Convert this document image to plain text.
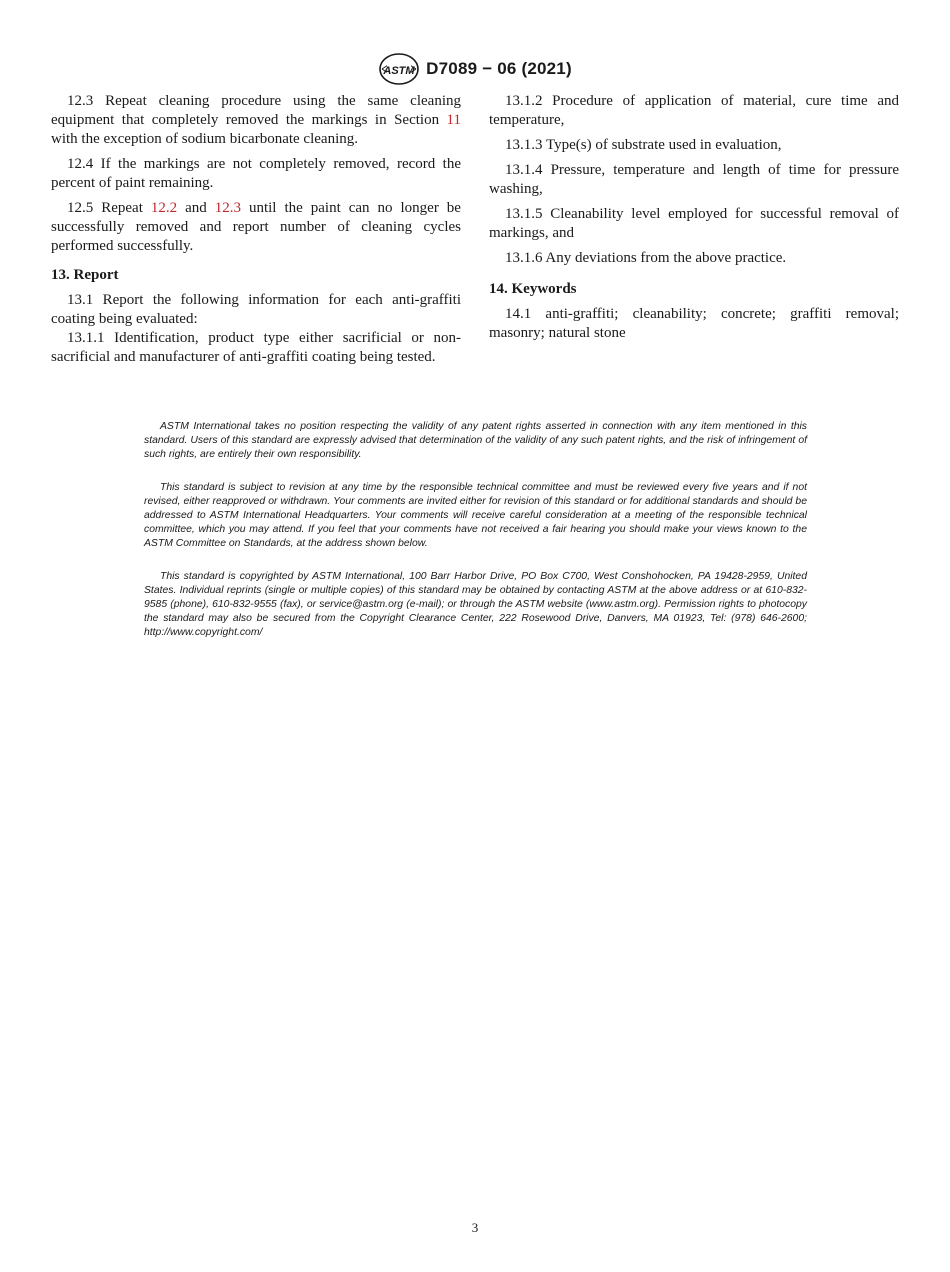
ASTM D7089 − 06 (2021)

12.3 Repeat cleaning procedure using the same cleaning equipment that completely removed the markings in Section 11 with the exception of sodium bicarbonate cleaning.

12.4 If the markings are not completely removed, record the percent of paint remaining.

12.5 Repeat 12.2 and 12.3 until the paint can no longer be successfully removed and report number of cleaning cycles performed successfully.

13. Report

13.1 Report the following information for each anti-graffiti coating being evaluated:

13.1.1 Identification, product type either sacrificial or non-sacrificial and manufacturer of anti-graffiti coating being tested.

13.1.2 Procedure of application of material, cure time and temperature,

13.1.3 Type(s) of substrate used in evaluation,

13.1.4 Pressure, temperature and length of time for pressure washing,

13.1.5 Cleanability level employed for successful removal of markings, and

13.1.6 Any deviations from the above practice.

14. Keywords

14.1 anti-graffiti; cleanability; concrete; graffiti removal; masonry; natural stone

ASTM International takes no position respecting the validity of any patent rights asserted in connection with any item mentioned in this standard. Users of this standard are expressly advised that determination of the validity of any such patent rights, and the risk of infringement of such rights, are entirely their own responsibility.

This standard is subject to revision at any time by the responsible technical committee and must be reviewed every five years and if not revised, either reapproved or withdrawn. Your comments are invited either for revision of this standard or for additional standards and should be addressed to ASTM International Headquarters. Your comments will receive careful consideration at a meeting of the responsible technical committee, which you may attend. If you feel that your comments have not received a fair hearing you should make your views known to the ASTM Committee on Standards, at the address shown below.

This standard is copyrighted by ASTM International, 100 Barr Harbor Drive, PO Box C700, West Conshohocken, PA 19428-2959, United States. Individual reprints (single or multiple copies) of this standard may be obtained by contacting ASTM at the above address or at 610-832-9585 (phone), 610-832-9555 (fax), or service@astm.org (e-mail); or through the ASTM website (www.astm.org). Permission rights to photocopy the standard may also be secured from the Copyright Clearance Center, 222 Rosewood Drive, Danvers, MA 01923, Tel: (978) 646-2600; http://www.copyright.com/

3
